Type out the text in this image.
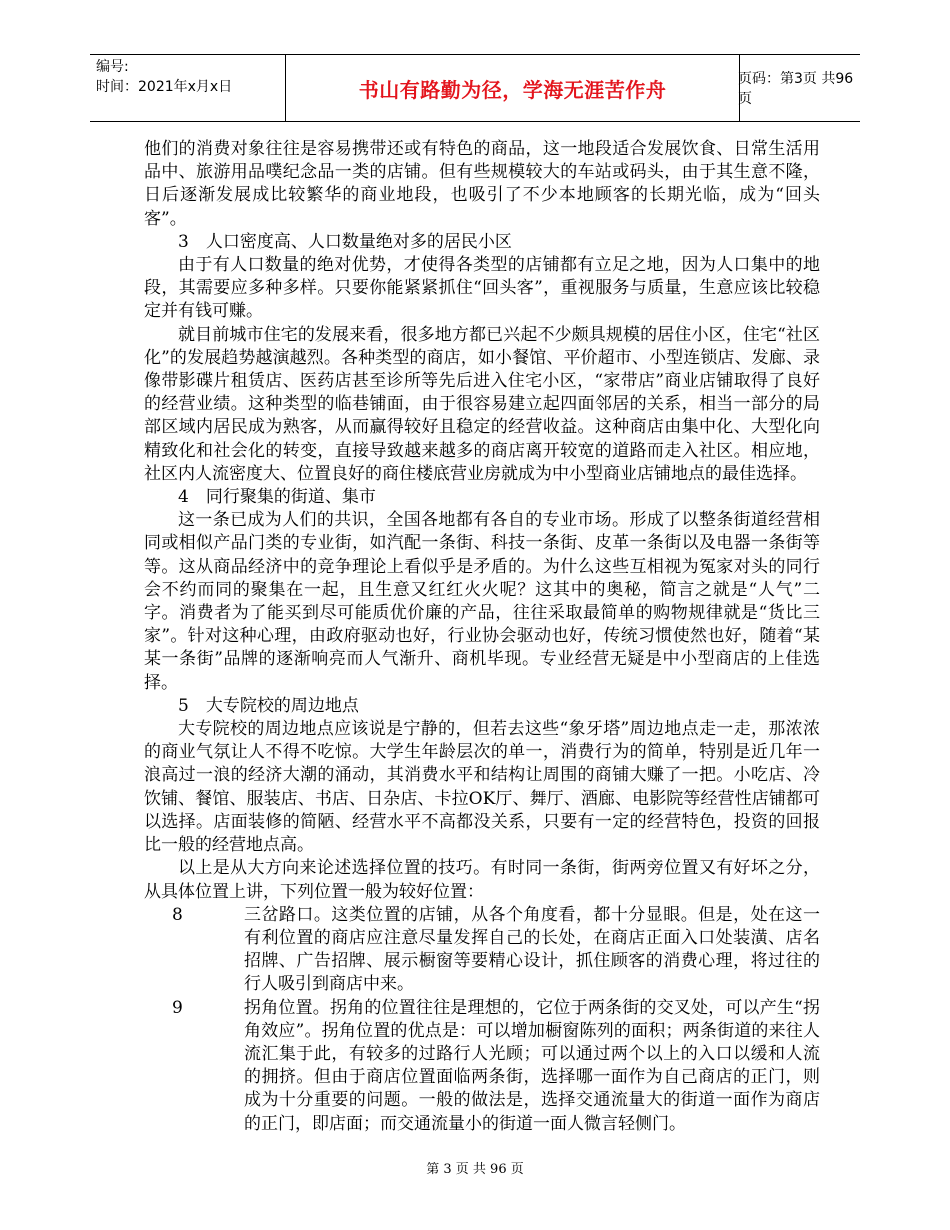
编号:
时间：2021年x月x日	书山有路勤为径，学海无涯苦作舟	页码：第3页 共96页

他们的消费对象往往是容易携带还或有特色的商品，这一地段适合发展饮食、日常生活用品中、旅游用品噗纪念品一类的店铺。但有些规模较大的车站或码头，由于其生意不隆，日后逐渐发展成比较繁华的商业地段，也吸引了不少本地顾客的长期光临，成为“回头客”。

3　人口密度高、人口数量绝对多的居民小区

由于有人口数量的绝对优势，才使得各类型的店铺都有立足之地，因为人口集中的地段，其需要应多种多样。只要你能紧紧抓住“回头客”，重视服务与质量，生意应该比较稳定并有钱可赚。

就目前城市住宅的发展来看，很多地方都已兴起不少颇具规模的居住小区，住宅“社区化”的发展趋势越演越烈。各种类型的商店，如小餐馆、平价超市、小型连锁店、发廊、录像带影碟片租赁店、医药店甚至诊所等先后进入住宅小区，“家带店”商业店铺取得了良好的经营业绩。这种类型的临巷铺面，由于很容易建立起四面邻居的关系，相当一部分的局部区域内居民成为熟客，从而赢得较好且稳定的经营收益。这种商店由集中化、大型化向精致化和社会化的转变，直接导致越来越多的商店离开较宽的道路而走入社区。相应地，社区内人流密度大、位置良好的商住楼底营业房就成为中小型商业店铺地点的最佳选择。

4　同行聚集的街道、集市

这一条已成为人们的共识，全国各地都有各自的专业市场。形成了以整条街道经营相同或相似产品门类的专业街，如汽配一条街、科技一条街、皮革一条街以及电器一条街等等。这从商品经济中的竞争理论上看似乎是矛盾的。为什么这些互相视为冤家对头的同行会不约而同的聚集在一起，且生意又红红火火呢？这其中的奥秘，简言之就是“人气”二字。消费者为了能买到尽可能质优价廉的产品，往往采取最简单的购物规律就是“货比三家”。针对这种心理，由政府驱动也好，行业协会驱动也好，传统习惯使然也好，随着“某某一条街”品牌的逐渐响亮而人气渐升、商机毕现。专业经营无疑是中小型商店的上佳选择。

5　大专院校的周边地点

大专院校的周边地点应该说是宁静的，但若去这些“象牙塔”周边地点走一走，那浓浓的商业气氛让人不得不吃惊。大学生年龄层次的单一，消费行为的简单，特别是近几年一浪高过一浪的经济大潮的涌动，其消费水平和结构让周围的商铺大赚了一把。小吃店、冷饮铺、餐馆、服装店、书店、日杂店、卡拉OK厅、舞厅、酒廊、电影院等经营性店铺都可以选择。店面装修的简陋、经营水平不高都没关系，只要有一定的经营特色，投资的回报比一般的经营地点高。

以上是从大方向来论述选择位置的技巧。有时同一条街，街两旁位置又有好坏之分，从具体位置上讲，下列位置一般为较好位置：

8	三岔路口。这类位置的店铺，从各个角度看，都十分显眼。但是，处在这一有利位置的商店应注意尽量发挥自己的长处，在商店正面入口处装潢、店名招牌、广告招牌、展示橱窗等要精心设计，抓住顾客的消费心理，将过往的行人吸引到商店中来。
9	拐角位置。拐角的位置往往是理想的，它位于两条街的交叉处，可以产生“拐角效应”。拐角位置的优点是：可以增加橱窗陈列的面积；两条街道的来往人流汇集于此，有较多的过路行人光顾；可以通过两个以上的入口以缓和人流的拥挤。但由于商店位置面临两条街，选择哪一面作为自己商店的正门，则成为十分重要的问题。一般的做法是，选择交通流量大的街道一面作为商店的正门，即店面；而交通流量小的街道一面人微言轻侧门。
第 3 页 共 96 页
